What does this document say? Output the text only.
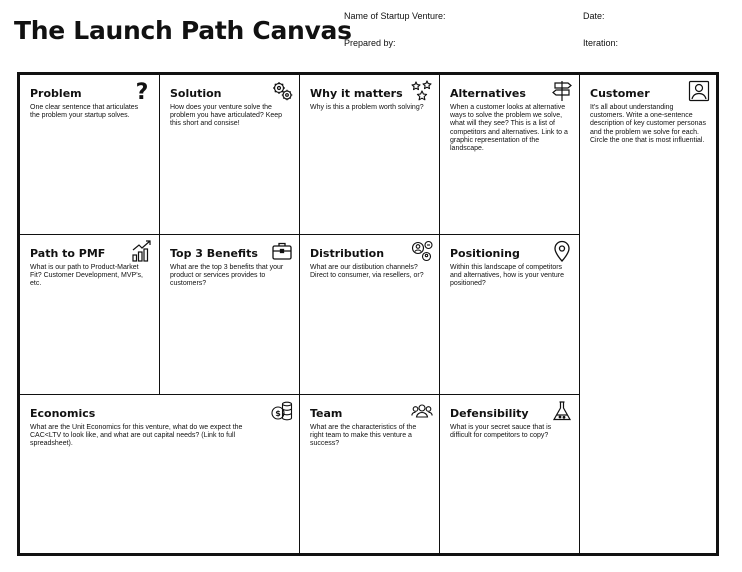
The Launch Path Canvas
Name of Startup Venture:	Date:
Prepared by:	Iteration:
Problem

One clear sentence that articulates the problem your startup solves.

? Solution

How does your venture solve the problem you have articulated? Keep this short and consise!

Why it matters

Why is this a problem worth solving?

Alternatives

When a customer looks at alternative ways to solve the problem we solve, what will they see? This is a list of competitors and alternatives. Link to a graphic representation of the landscape.

Customer

It's all about understanding customers. Write a one-sentence description of key customer personas and the problem we solve for each. Circle the one that is most influential.

Path to PMF

What is our path to Product-Market Fit? Customer Development, MVP's, etc.

Top 3 Benefits

What are the top 3 benefits that your product or services provides to customers?

Distribution

What are our distibution channels? Direct to consumer, via resellers, or?

Positioning

Within this landscape of competitors and alternatives, how is your venture positioned?

Economics

What are the Unit Economics for this venture, what do we expect the CAC<LTV to look like, and what are out capital needs? (Link to full spreadsheet).

$	Team

What are the characteristics of the right team to make this venture a success?

Defensibility

What is your secret sauce that is difficult for competitors to copy?
